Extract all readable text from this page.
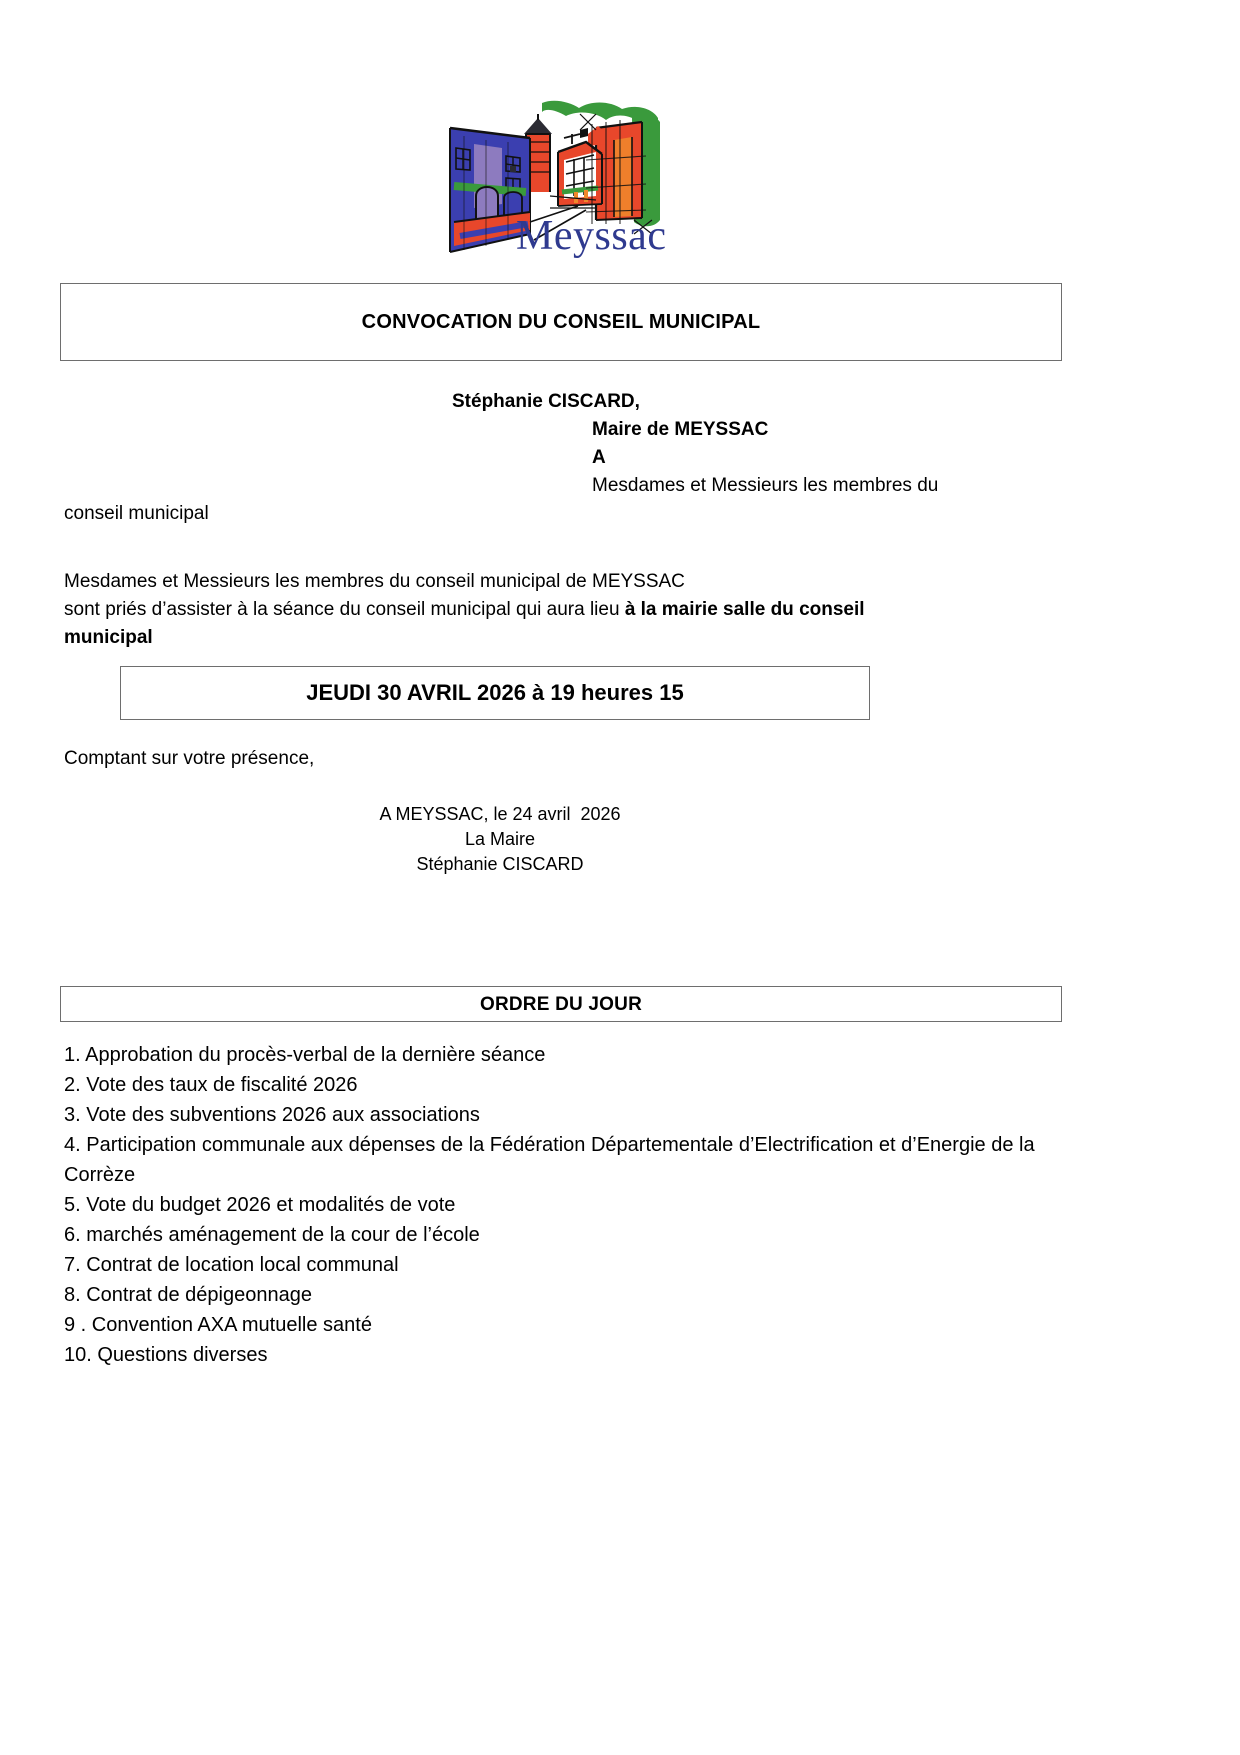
Meyssac
CONVOCATION DU CONSEIL MUNICIPAL
Stéphanie CISCARD,
Maire de MEYSSAC
A
Mesdames et Messieurs les membres du
conseil municipal
Mesdames et Messieurs les membres du conseil municipal de MEYSSAC
sont priés d’assister à la séance du conseil municipal qui aura lieu à la mairie salle du conseil
municipal
JEUDI 30 AVRIL 2026 à 19 heures 15
Comptant sur votre présence,
A MEYSSAC, le 24 avril  2026
La Maire
Stéphanie CISCARD
ORDRE DU JOUR
1. Approbation du procès-verbal de la dernière séance
2. Vote des taux de fiscalité 2026
3. Vote des subventions 2026 aux associations
4. Participation communale aux dépenses de la Fédération Départementale d’Electrification et d’Energie de la Corrèze
5. Vote du budget 2026 et modalités de vote
6. marchés aménagement de la cour de l’école
7. Contrat de location local communal
8. Contrat de dépigeonnage
9 . Convention AXA mutuelle santé
10. Questions diverses
